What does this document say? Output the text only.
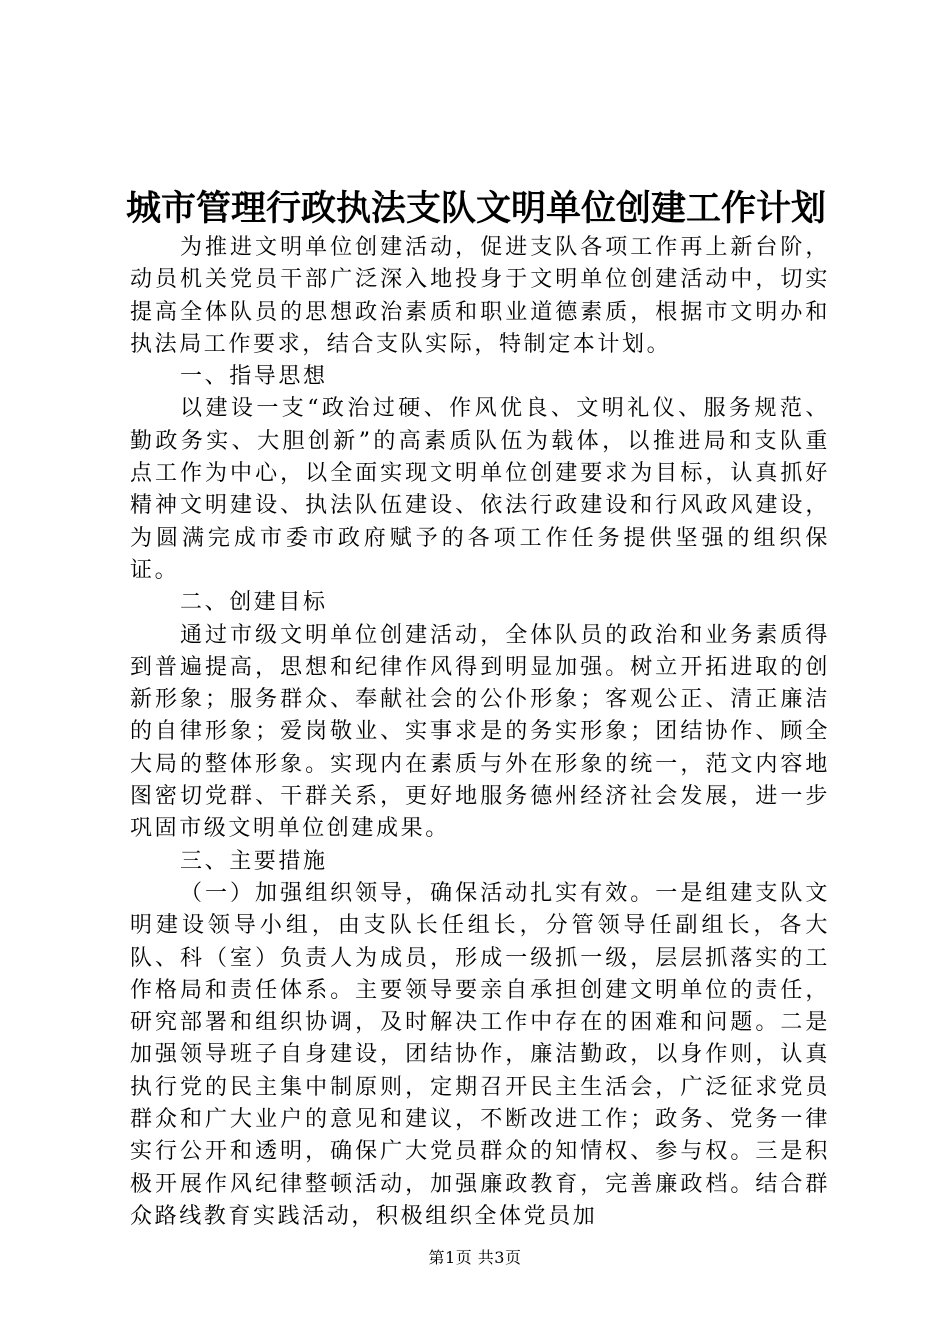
城市管理行政执法支队文明单位创建工作计划

为推进文明单位创建活动，促进支队各项工作再上新台阶，动员机关党员干部广泛深入地投身于文明单位创建活动中，切实提高全体队员的思想政治素质和职业道德素质，根据市文明办和执法局工作要求，结合支队实际，特制定本计划。

一、指导思想

以建设一支“政治过硬、作风优良、文明礼仪、服务规范、勤政务实、大胆创新”的高素质队伍为载体，以推进局和支队重点工作为中心，以全面实现文明单位创建要求为目标，认真抓好精神文明建设、执法队伍建设、依法行政建设和行风政风建设，为圆满完成市委市政府赋予的各项工作任务提供坚强的组织保证。

二、创建目标

通过市级文明单位创建活动，全体队员的政治和业务素质得到普遍提高，思想和纪律作风得到明显加强。树立开拓进取的创新形象；服务群众、奉献社会的公仆形象；客观公正、清正廉洁的自律形象；爱岗敬业、实事求是的务实形象；团结协作、顾全大局的整体形象。实现内在素质与外在形象的统一，范文内容地图密切党群、干群关系，更好地服务德州经济社会发展，进一步巩固市级文明单位创建成果。

三、主要措施

（一）加强组织领导，确保活动扎实有效。一是组建支队文明建设领导小组，由支队长任组长，分管领导任副组长，各大队、科（室）负责人为成员，形成一级抓一级，层层抓落实的工作格局和责任体系。主要领导要亲自承担创建文明单位的责任，研究部署和组织协调，及时解决工作中存在的困难和问题。二是加强领导班子自身建设，团结协作，廉洁勤政，以身作则，认真执行党的民主集中制原则，定期召开民主生活会，广泛征求党员群众和广大业户的意见和建议，不断改进工作；政务、党务一律实行公开和透明，确保广大党员群众的知情权、参与权。三是积极开展作风纪律整顿活动，加强廉政教育，完善廉政档。结合群众路线教育实践活动，积极组织全体党员加

第1页 共3页
